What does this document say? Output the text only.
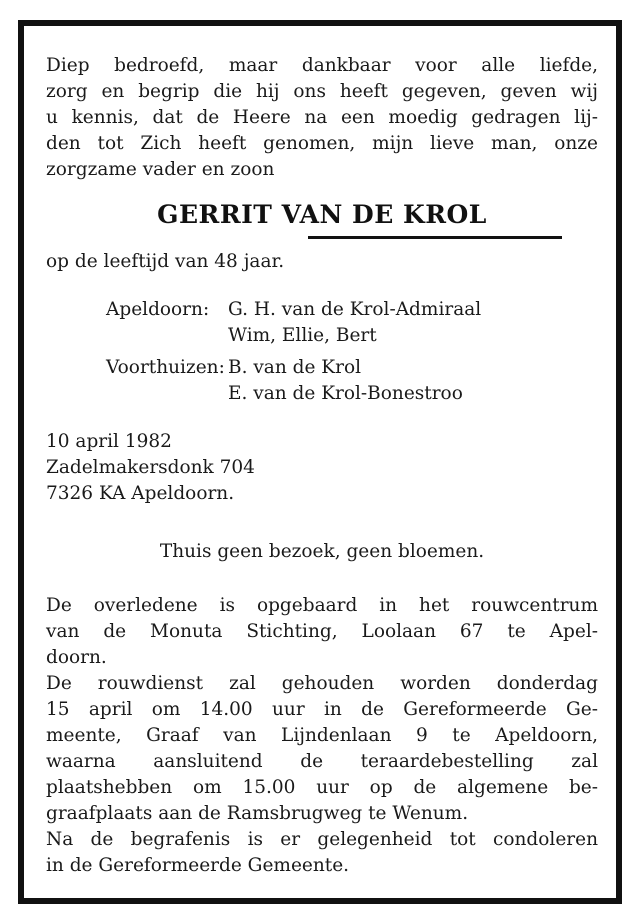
Diep bedroefd, maar dankbaar voor alle liefde,

zorg en begrip die hij ons heeft gegeven, geven wij

u kennis, dat de Heere na een moedig gedragen lij-

den tot Zich heeft genomen, mijn lieve man, onze

zorgzame vader en zoon

GERRIT VAN DE KROL

op de leeftijd van 48 jaar.

Apeldoorn: G. H. van de Krol-Admiraal

Wim, Ellie, Bert

Voorthuizen: B. van de Krol

E. van de Krol-Bonestroo

10 april 1982

Zadelmakersdonk 704

7326 KA Apeldoorn.

Thuis geen bezoek, geen bloemen.

De overledene is opgebaard in het rouwcentrum

van de Monuta Stichting, Loolaan 67 te Apel-

doorn.

De rouwdienst zal gehouden worden donderdag

15 april om 14.00 uur in de Gereformeerde Ge-

meente, Graaf van Lijndenlaan 9 te Apeldoorn,

waarna aansluitend de teraardebestelling zal

plaatshebben om 15.00 uur op de algemene be-

graafplaats aan de Ramsbrugweg te Wenum.

Na de begrafenis is er gelegenheid tot condoleren

in de Gereformeerde Gemeente.
